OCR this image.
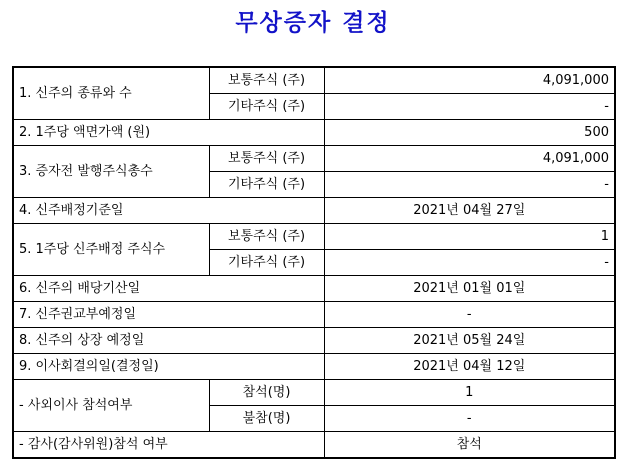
무상증자 결정
1. 신주의 종류와 수	보통주식 (주)	4,091,000
	기타주식 (주)	-
2. 1주당 액면가액 (원)		500
3. 증자전 발행주식총수	보통주식 (주)	4,091,000
	기타주식 (주)	-
4. 신주배정기준일		2021년 04월 27일
5. 1주당 신주배정 주식수	보통주식 (주)	1
	기타주식 (주)	-
6. 신주의 배당기산일		2021년 01월 01일
7. 신주권교부예정일		-
8. 신주의 상장 예정일		2021년 05월 24일
9. 이사회결의일(결정일)		2021년 04월 12일
- 사외이사 참석여부	참석(명)	1
	불참(명)	-
- 감사(감사위원)참석 여부		참석
